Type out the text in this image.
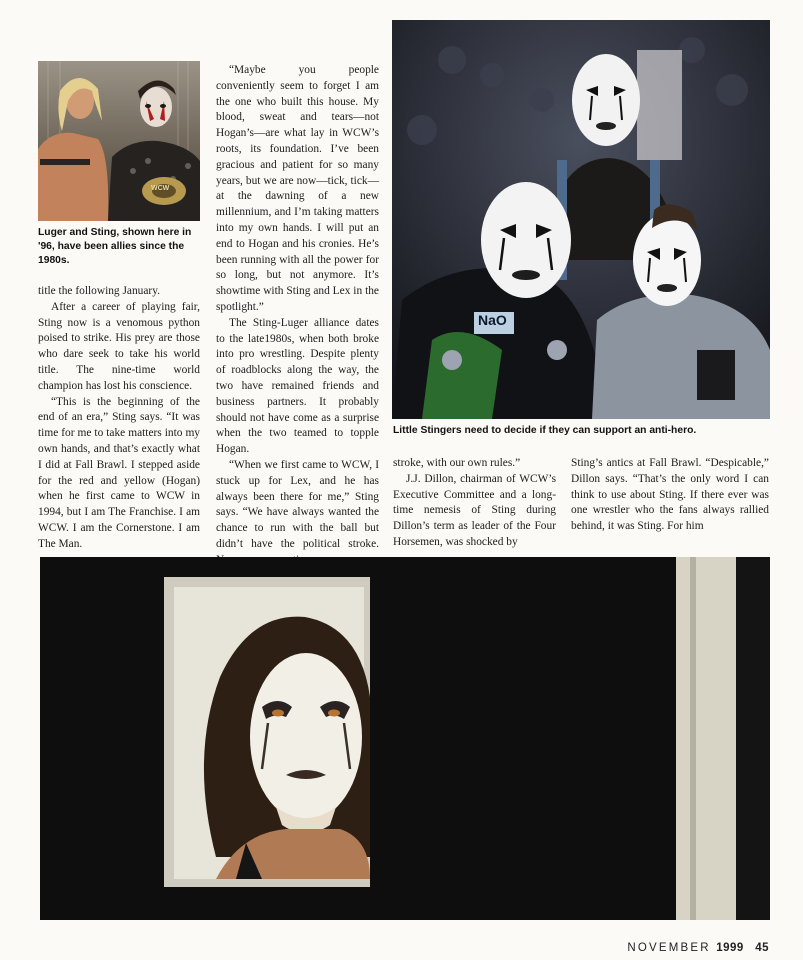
WCW
Luger and Sting, shown here in '96, have been allies since the 1980s.
NaO
Little Stingers need to decide if they can support an anti-hero.

title the following January.

After a career of playing fair, Sting now is a venomous python poised to strike. His prey are those who dare seek to take his world title. The nine-time world champion has lost his conscience.

“This is the beginning of the end of an era,” Sting says. “It was time for me to take matters into my own hands, and that’s exactly what I did at Fall Brawl. I stepped aside for the red and yellow (Hogan) when he first came to WCW in 1994, but I am The Franchise. I am WCW. I am the Cornerstone. I am The Man.

“Maybe you people conveniently seem to forget I am the one who built this house. My blood, sweat and tears—not Hogan’s—are what lay in WCW’s roots, its foundation. I’ve been gracious and patient for so many years, but we are now—tick, tick—at the dawning of a new millennium, and I’m taking matters into my own hands. I will put an end to Hogan and his cronies. He’s been running with all the power for so long, but not anymore. It’s showtime with Sting and Lex in the spotlight.”

The Sting-Luger alliance dates to the late1980s, when both broke into pro wrestling. Despite plenty of roadblocks along the way, the two have remained friends and business partners. It probably should not have come as a surprise when the two teamed to topple Hogan.

“When we first came to WCW, I stuck up for Lex, and he has always been there for me,” Sting says. “We have always wanted the chance to run with the ball but didn’t have the political stroke.

stroke, with our own rules.”

J.J. Dillon, chairman of WCW’s Executive Committee and a long-time nemesis of Sting during Dillon’s term as leader of the Four Horsemen, was shocked by

Sting’s antics at Fall Brawl. “Despicable,” Dillon says. “That’s the only word I can think to use about Sting. If there ever was one wrestler who the fans always rallied behind, it was Sting. For him

NOVEMBER 1999 45
